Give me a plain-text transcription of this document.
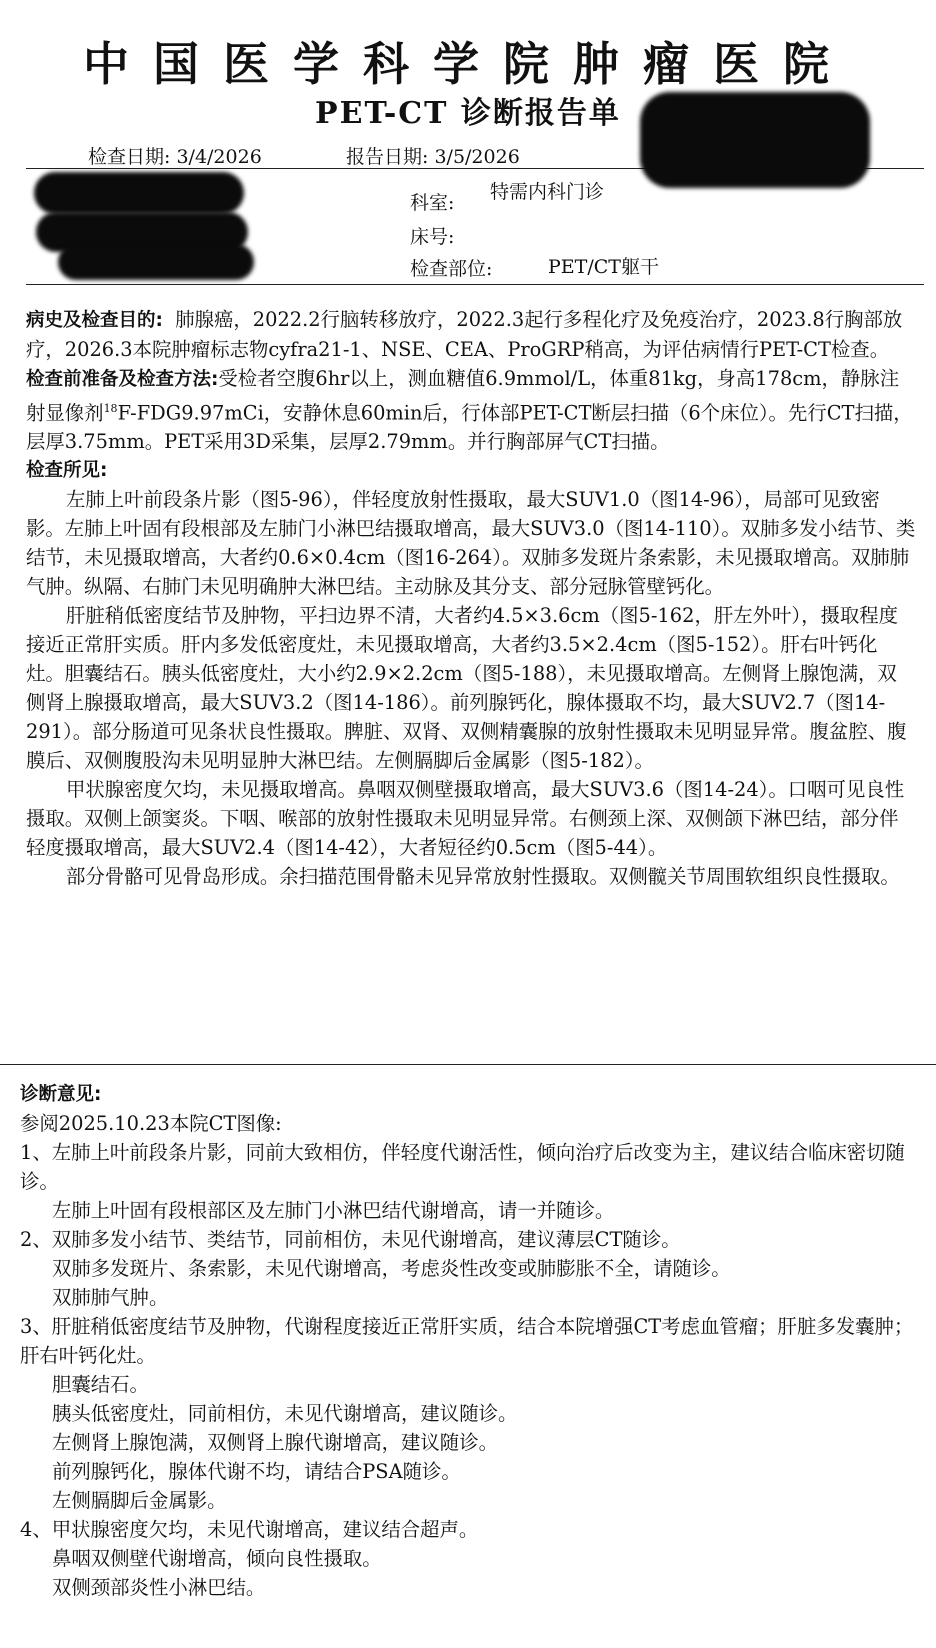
中国医学科学院肿瘤医院
PET-CT 诊断报告单
检查日期: 3/4/2026	报告日期: 3/5/2026
科室: 特需内科门诊
床号:
检查部位:	PET/CT躯干

病史及检查目的: 肺腺癌，2022.2行脑转移放疗，2022.3起行多程化疗及免疫治疗，2023.8行胸部放疗，2026.3本院肿瘤标志物cyfra21-1、NSE、CEA、ProGRP稍高，为评估病情行PET-CT检查。

检查前准备及检查方法:受检者空腹6hr以上，测血糖值6.9mmol/L，体重81kg，身高178cm，静脉注射显像剂$^{18}$F-FDG9.97mCi，安静休息60min后，行体部PET-CT断层扫描（6个床位）。先行CT扫描，层厚3.75mm。PET采用3D采集，层厚2.79mm。并行胸部屏气CT扫描。

检查所见:

左肺上叶前段条片影（图5-96），伴轻度放射性摄取，最大SUV1.0（图14-96），局部可见致密影。左肺上叶固有段根部及左肺门小淋巴结摄取增高，最大SUV3.0（图14-110）。双肺多发小结节、类结节，未见摄取增高，大者约0.6×0.4cm（图16-264）。双肺多发斑片条索影，未见摄取增高。双肺肺气肿。纵隔、右肺门未见明确肿大淋巴结。主动脉及其分支、部分冠脉管壁钙化。

肝脏稍低密度结节及肿物，平扫边界不清，大者约4.5×3.6cm（图5-162，肝左外叶），摄取程度接近正常肝实质。肝内多发低密度灶，未见摄取增高，大者约3.5×2.4cm（图5-152）。肝右叶钙化灶。胆囊结石。胰头低密度灶，大小约2.9×2.2cm（图5-188），未见摄取增高。左侧肾上腺饱满，双侧肾上腺摄取增高，最大SUV3.2（图14-186）。前列腺钙化，腺体摄取不均，最大SUV2.7（图14-291）。部分肠道可见条状良性摄取。脾脏、双肾、双侧精囊腺的放射性摄取未见明显异常。腹盆腔、腹膜后、双侧腹股沟未见明显肿大淋巴结。左侧膈脚后金属影（图5-182）。

甲状腺密度欠均，未见摄取增高。鼻咽双侧壁摄取增高，最大SUV3.6（图14-24）。口咽可见良性摄取。双侧上颌窦炎。下咽、喉部的放射性摄取未见明显异常。右侧颈上深、双侧颌下淋巴结，部分伴轻度摄取增高，最大SUV2.4（图14-42），大者短径约0.5cm（图5-44）。

部分骨骼可见骨岛形成。余扫描范围骨骼未见异常放射性摄取。双侧髋关节周围软组织良性摄取。

诊断意见:

参阅2025.10.23本院CT图像:

1、左肺上叶前段条片影，同前大致相仿，伴轻度代谢活性，倾向治疗后改变为主，建议结合临床密切随诊。

左肺上叶固有段根部区及左肺门小淋巴结代谢增高，请一并随诊。

2、双肺多发小结节、类结节，同前相仿，未见代谢增高，建议薄层CT随诊。

双肺多发斑片、条索影，未见代谢增高，考虑炎性改变或肺膨胀不全，请随诊。

双肺肺气肿。

3、肝脏稍低密度结节及肿物，代谢程度接近正常肝实质，结合本院增强CT考虑血管瘤；肝脏多发囊肿；肝右叶钙化灶。

胆囊结石。

胰头低密度灶，同前相仿，未见代谢增高，建议随诊。

左侧肾上腺饱满，双侧肾上腺代谢增高，建议随诊。

前列腺钙化，腺体代谢不均，请结合PSA随诊。

左侧膈脚后金属影。

4、甲状腺密度欠均，未见代谢增高，建议结合超声。

鼻咽双侧壁代谢增高，倾向良性摄取。

双侧颈部炎性小淋巴结。
